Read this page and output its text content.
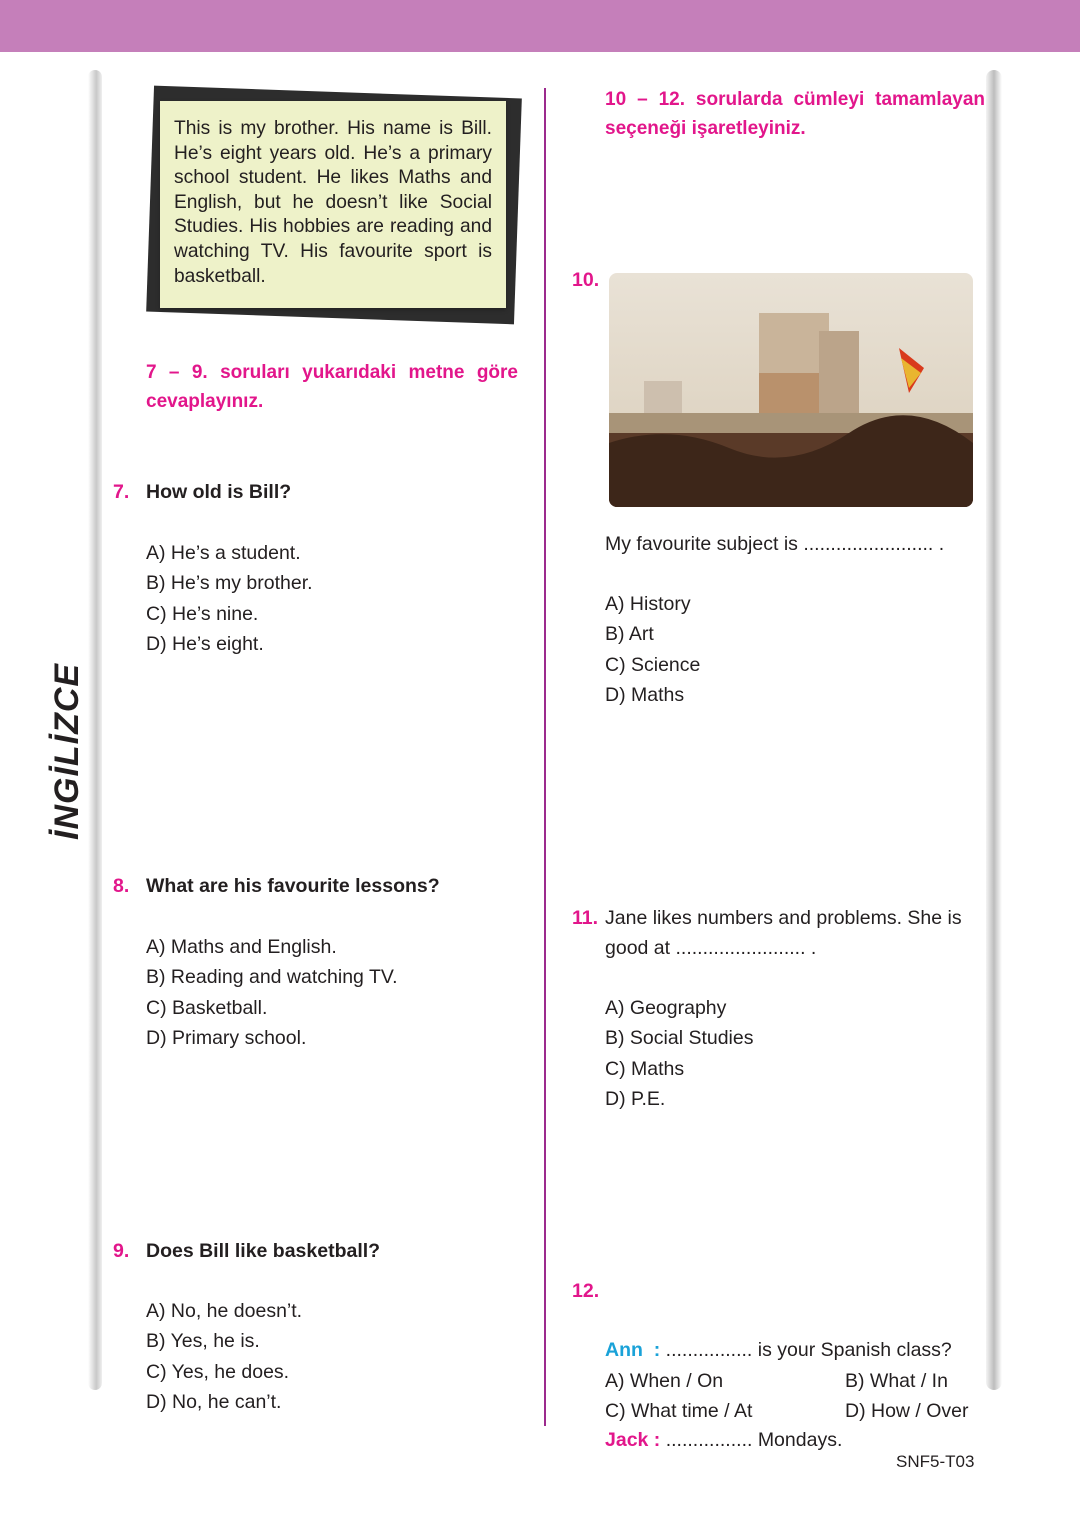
İNGİLİZCE
This is my brother. His name is Bill. He’s eight years old. He’s a primary school student. He likes Maths and English, but he doesn’t like Social Studies. His hobbies are reading and watching TV. His favourite sport is basketball.
7 – 9. soruları yukarıdaki metne göre cevaplayınız.
7. How old is Bill?
A) He’s a student.
B) He’s my brother.
C) He’s nine.
D) He’s eight.
8. What are his favourite lessons?
A) Maths and English.
B) Reading and watching TV.
C) Basketball.
D) Primary school.
9. Does Bill like basketball?
A) No, he doesn’t.
B) Yes, he is.
C) Yes, he does.
D) No, he can’t.
10 – 12. sorularda cümleyi tamamlayan seçeneği işaretleyiniz.
10.
My favourite subject is ........................ .
A) History
B) Art
C) Science
D) Maths
11. Jane likes numbers and problems. She is
good at ........................ .
A) Geography
B) Social Studies
C) Maths
D) P.E.
12.

Ann  : ................ is your Spanish class?

Jack : ................ Mondays.

A) When / On
C) What time / At
B) What / In
D) How / Over
SNF5-T03
